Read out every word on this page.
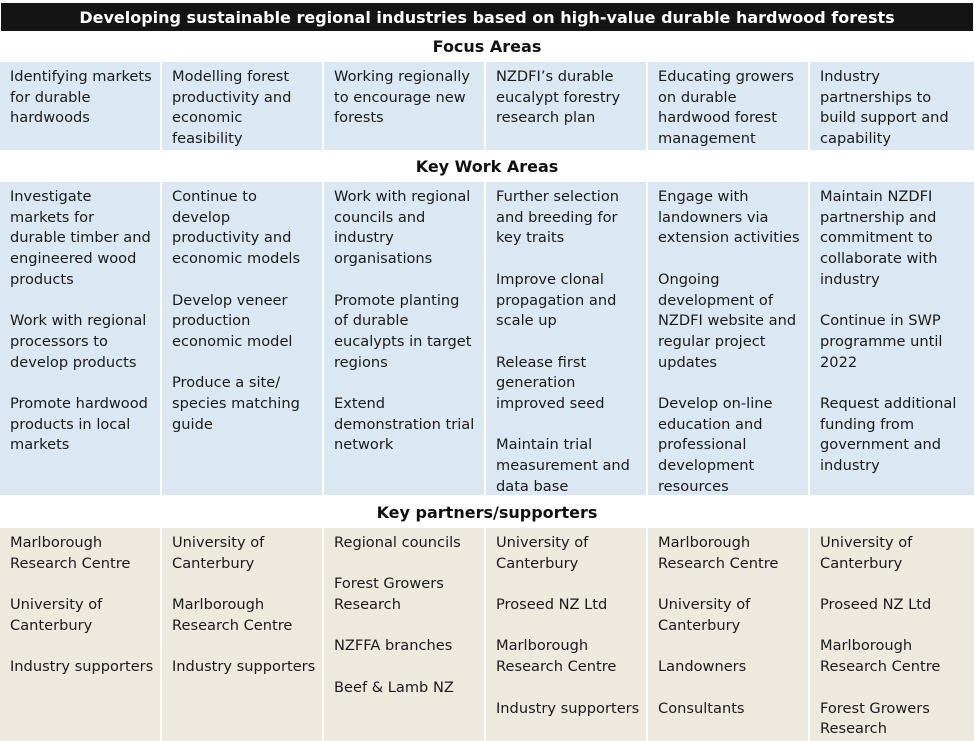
Developing sustainable regional industries based on high-value durable hardwood forests
Focus Areas

Identifying markets for durable hardwoods

Modelling forest productivity and economic feasibility

Working regionally to encourage new forests

NZDFI’s durable eucalypt forestry research plan

Educating growers on durable hardwood forest management

Industry partnerships to build support and capability

Key Work Areas

Investigate markets for durable timber and engineered wood products

Work with regional processors to develop products

Promote hardwood products in local markets

Continue to develop productivity and economic models

Develop veneer production economic model

Produce a site/ species matching guide

Work with regional councils and industry organisations

Promote planting of durable eucalypts in target regions

Extend demonstration trial network

Further selection and breeding for key traits

Improve clonal propagation and scale up

Release first generation improved seed

Maintain trial measurement and data base

Engage with landowners via extension activities

Ongoing development of NZDFI website and regular project updates

Develop on-line education and professional development resources

Maintain NZDFI partnership and commitment to collaborate with industry

Continue in SWP programme until 2022

Request additional funding from government and industry

Key partners/supporters

Marlborough Research Centre

University of Canterbury

Industry supporters

University of Canterbury

Marlborough Research Centre

Industry supporters

Regional councils

Forest Growers Research

NZFFA branches

Beef & Lamb NZ

University of Canterbury

Proseed NZ Ltd

Marlborough Research Centre

Industry supporters

Marlborough Research Centre

University of Canterbury

Landowners

Consultants

University of Canterbury

Proseed NZ Ltd

Marlborough Research Centre

Forest Growers Research
